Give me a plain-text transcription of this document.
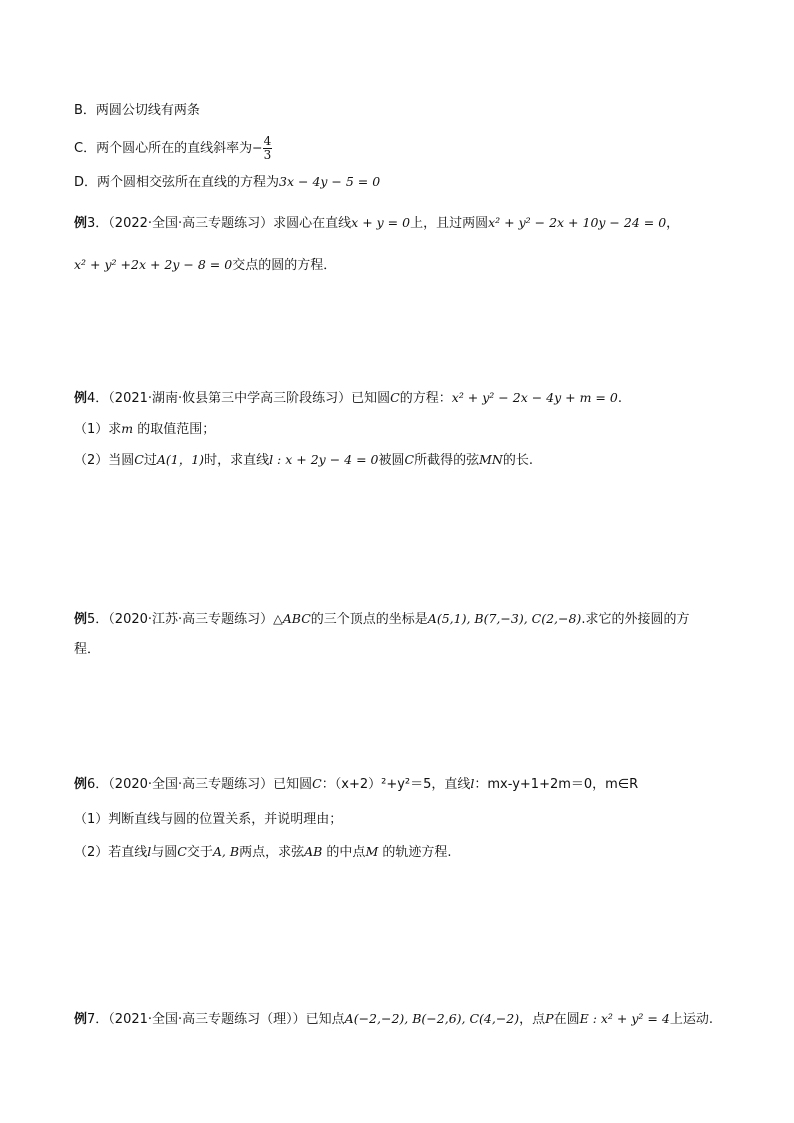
B．两圆公切线有两条
C．两个圆心所在的直线斜率为− $\frac{4}{3}$
D．两个圆相交弦所在直线的方程为3x − 4y − 5 = 0
例3．（2022·全国·高三专题练习）求圆心在直线x + y = 0上，且过两圆x² + y² − 2x + 10y − 24 = 0，
x² + y² +2x + 2y − 8 = 0交点的圆的方程．
例4．（2021·湖南·攸县第三中学高三阶段练习）已知圆C的方程：x² + y² − 2x − 4y + m = 0.
（1）求m 的取值范围；
（2）当圆C过A(1，1)时，求直线l : x + 2y − 4 = 0被圆C所截得的弦MN的长.
例5．（2020·江苏·高三专题练习）△ABC的三个顶点的坐标是A(5,1), B(7,−3), C(2,−8).求它的外接圆的方
程．
例6．（2020·全国·高三专题练习）已知圆C：（x+2）²+y²＝5，直线l：mx-y+1+2m＝0，m∈R
（1）判断直线与圆的位置关系，并说明理由；
（2）若直线l与圆C交于A, B两点，求弦AB 的中点M 的轨迹方程.
例7．（2021·全国·高三专题练习（理））已知点A(−2,−2), B(−2,6), C(4,−2)，点P在圆E : x² + y² = 4上运动.
